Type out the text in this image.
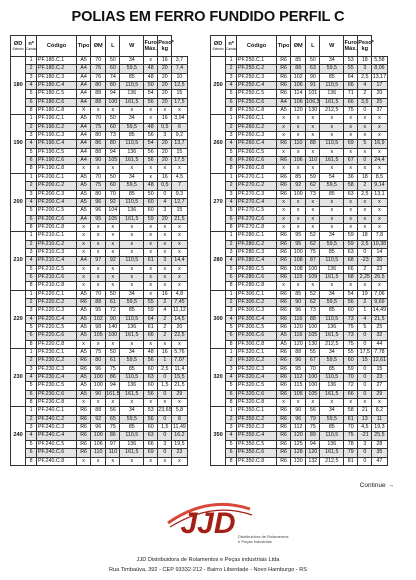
POLIAS EM FERRO FUNDIDO PERFIL C
ØD
Externo	nº
Canais	Código	Tipo	ØM	L	W	Furo Máx.	Peso* kg
180	1	PF.180.C.1	A5	70	50	34	x	16	3,7
	2	PF.180.C.2	A4	76	60	59,5	48	20	7,4
	3	PF.180.C.3	A4	76	74	85	48	20	10
	4	PF.180.C.4	A4	80	80	110,5	50	20	12,5
	5	PF.180.C.5	A4	88	94	136	54	20	15
	6	PF.180.C.6	A4	88	100	161,5	56	20	17,5
	8	PF.180.C.8	X	x	x	x	x	x	x
190	1	PF.190.C.1	A5	70	50	34	x	16	3,94
	2	PF.190.C.2	A4	75	60	59,5	48	0,5	6
	3	PF.190.C.3	A4	80	73	85	56	3	9,2
	4	PF.190.C.4	A4	86	80	110,5	54	20	13,7
	5	PF.190.C.5	A4	88	94	136	56	20	15
	6	PF.190.C.6	A4	90	105	161,5	56	20	17,5
	8	PF.190.C.8	x	x	x	x	x	x	x
200	1	PF.200.C.1	A5	70	50	34	x	16	4,5
	2	PF.200.C.2	A5	75	60	59,5	48	0,5	7
	3	PF.200.C.3	A5	80	70	85	50	0	9,3
	4	PF.200.C.4	A5	96	92	110,5	60	4	12,7
	5	PF.200.C.5	A5	96	104	136	60	3	15
	6	PF.200.C.6	A4	95	105	161,5	59	20	21,5
	8	PF.200.C.8	x	x	x	x	x	x	x
210	1	PF.210.C.1	x	x	x	x	x	x	x
	2	PF.210.C.2	x	x	x	x	x	x	x
	3	PF.210.C.3	x	x	x	x	x	x	x
	4	PF.210.C.4	A4	97	92	110,5	61	3	14,4
	5	PF.210.C.5	x	x	x	x	x	x	x
	6	PF.210.C.6	x	x	x	x	x	x	x
	8	PF.210.C.8	x	x	x	x	x	x	x
220	1	PF.220.C.1	A5	70	50	34	x	16	4,8
	2	PF.220.C.2	R6	88	61	59,5	55	2	7,45
	3	PF.220.C.3	A5	95	72	85	59	4	11,12
	4	PF.220.C.4	A5	102	90	110,5	64	2	14,5
	5	PF.220.C.5	A5	98	140	136	61	2	20
	6	PF.220.C.6	A5	105	100	161,5	66	2	22,5
	8	PF.220.C.8	x	x	x	x	x	x	x
230	1	PF.230.C.1	A5	75	50	34	48	16	5,76
	2	PF.230.C.2	R6	80	61	59,5	56	1	7,07
	3	PF.230.C.3	R6	96	75	85	60	2,5	11,4
	4	PF.230.C.4	A5	100	86	110,5	63	0	15,5
	5	PF.230.C.5	A5	100	94	136	60	1,5	21,5
	6	PF.230.C.6	A5	90	161,5	161,5	56	0	29
	8	PF.230.C.8	x	x	x	x	x	x	x
240	1	PF.240.C.1	R6	88	56	34	53	23,65	5,8
	2	PF.240.C.2	R6	92	65	59,5	56	0	8
	3	PF.240.C.3	R6	96	75	85	60	1,5	11,49
	4	PF.240.C.4	R6	100	86	110,5	63	0	16,2
	5	PF.240.C.5	R6	106	97	136	66	3	19,5
	6	PF.240.C.6	R6	110	110	161,5	69	0	23
	8	PF.240.C.8	x	x	x	x	x	x	x
ØD
Externo	nº
Canais	Código	Tipo	ØM	L	W	Furo Máx.	Peso* kg
250	1	PF.250.C.1	R6	85	50	34	53	18	5,58
	2	PF.250.C.2	R6	88	63	59,5	55	3	8,06
	3	PF.250.C.3	R6	102	90	85	64	2,5	13,17
	4	PF.250.C.4	R6	106	91	110,5	66	4	17
	5	PF.250.C.5	R6	114	101	136	71	2	20
	6	PF.250.C.6	A4	106	106,3	161,5	66	3,5	25
	8	PF.250.C.8	A5	120	130	212,5	75	0	37
260	1	PF.260.C.1	x	x	x	x	x	x	x
	2	PF.260.C.2	x	x	x	x	x	x	x
	3	PF.260.C.3	x	x	x	x	x	x	x
	4	PF.260.C.4	R6	110	88	110,5	69	5	16,9
	5	PF.260.C.5	x	x	x	x	x	x	x
	6	PF.260.C.6	R6	106	110	161,5	67	0	24,4
	8	PF.260.C.8	x	x	x	x	x	x	x
270	1	PF.270.C.1	R6	85	59	54	36	18	8,5
	2	PF.270.C.2	R6	92	62	59,5	58	2	9,14
	3	PF.270.C.3	R6	100	73	85	63	2,5	13,1
	4	PF.270.C.4	x	x	x	x	x	x	x
	5	PF.270.C.5	x	x	x	x	x	x	x
	6	PF.270.C.6	x	x	x	x	x	x	x
	8	PF.270.C.8	x	x	x	x	x	x	x
280	1	PF.280.C.1	R6	95	52	34	59	18	7,8
	2	PF.280.C.2	R6	95	62	59,5	59	2,5	10,38
	3	PF.280.C.3	R6	100	75	85	63	0	14
	4	PF.280.C.4	R6	108	87	110,5	68	-23	20
	5	PF.280.C.5	R6	108	100	136	66	2	23
	6	PF.280.C.6	R6	115	109	161,5	68	2,25	26,5
	8	PF.280.C.8	x	x	x	x	x	x	x
300	1	PF.300.C.1	R6	85	52	34	54	19	7,06
	2	PF.300.C.2	R6	90	62	59,5	56	2	9,69
	3	PF.300.C.3	R6	96	73	85	60	1	14,49
	4	PF.300.C.4	R6	116	88	110,5	73	4	21,5
	5	PF.300.C.5	R6	120	100	136	75	5	25
	6	PF.300.C.6	A5	116	105	161,5	73	0	32
	8	PF.300.C.8	A5	120	130	212,5	75	0	44
320	1	PF.320.C.1	R6	88	55	34	55	17,5	7,78
	2	PF.320.C.2	R6	96	67	59,5	60	15	12,61
	3	PF.320.C.3	R6	95	70	85	59	0	15
	4	PF.320.C.4	R6	112	100	110,5	70	0	23
	5	PF.320.C.5	R6	115	100	136	72	0	27
	6	PF.320.C.6	R6	105	105	161,5	66	0	29
	8	PF.320.C.8	x	x	x	x	x	x	x
350	1	PF.350.C.1	R6	90	56	34	58	21	8,2
	2	PF.350.C.2	R6	96	79	59,5	61	13	11
	3	PF.350.C.3	R6	112	75	85	70	4,5	19,3
	4	PF.350.C.4	R6	120	89	110,5	75	-21	25,5
	5	PF.350.C.5	R6	125	94	136	78	3	28
	6	PF.350.C.6	R6	128	120	161,5	79	0	35
	8	PF.350.C.8	R6	130	132	212,5	81	0	47
Continue →
JJD Distribuidora de Rolamentos
e Peças Industriais
JJD Distribuidora de Rolamentos e Peças industriais Ltda
Rua Timbaúva, 392 - CEP 93332-212 - Bairro Liberdade - Novo Hamburgo - RS
